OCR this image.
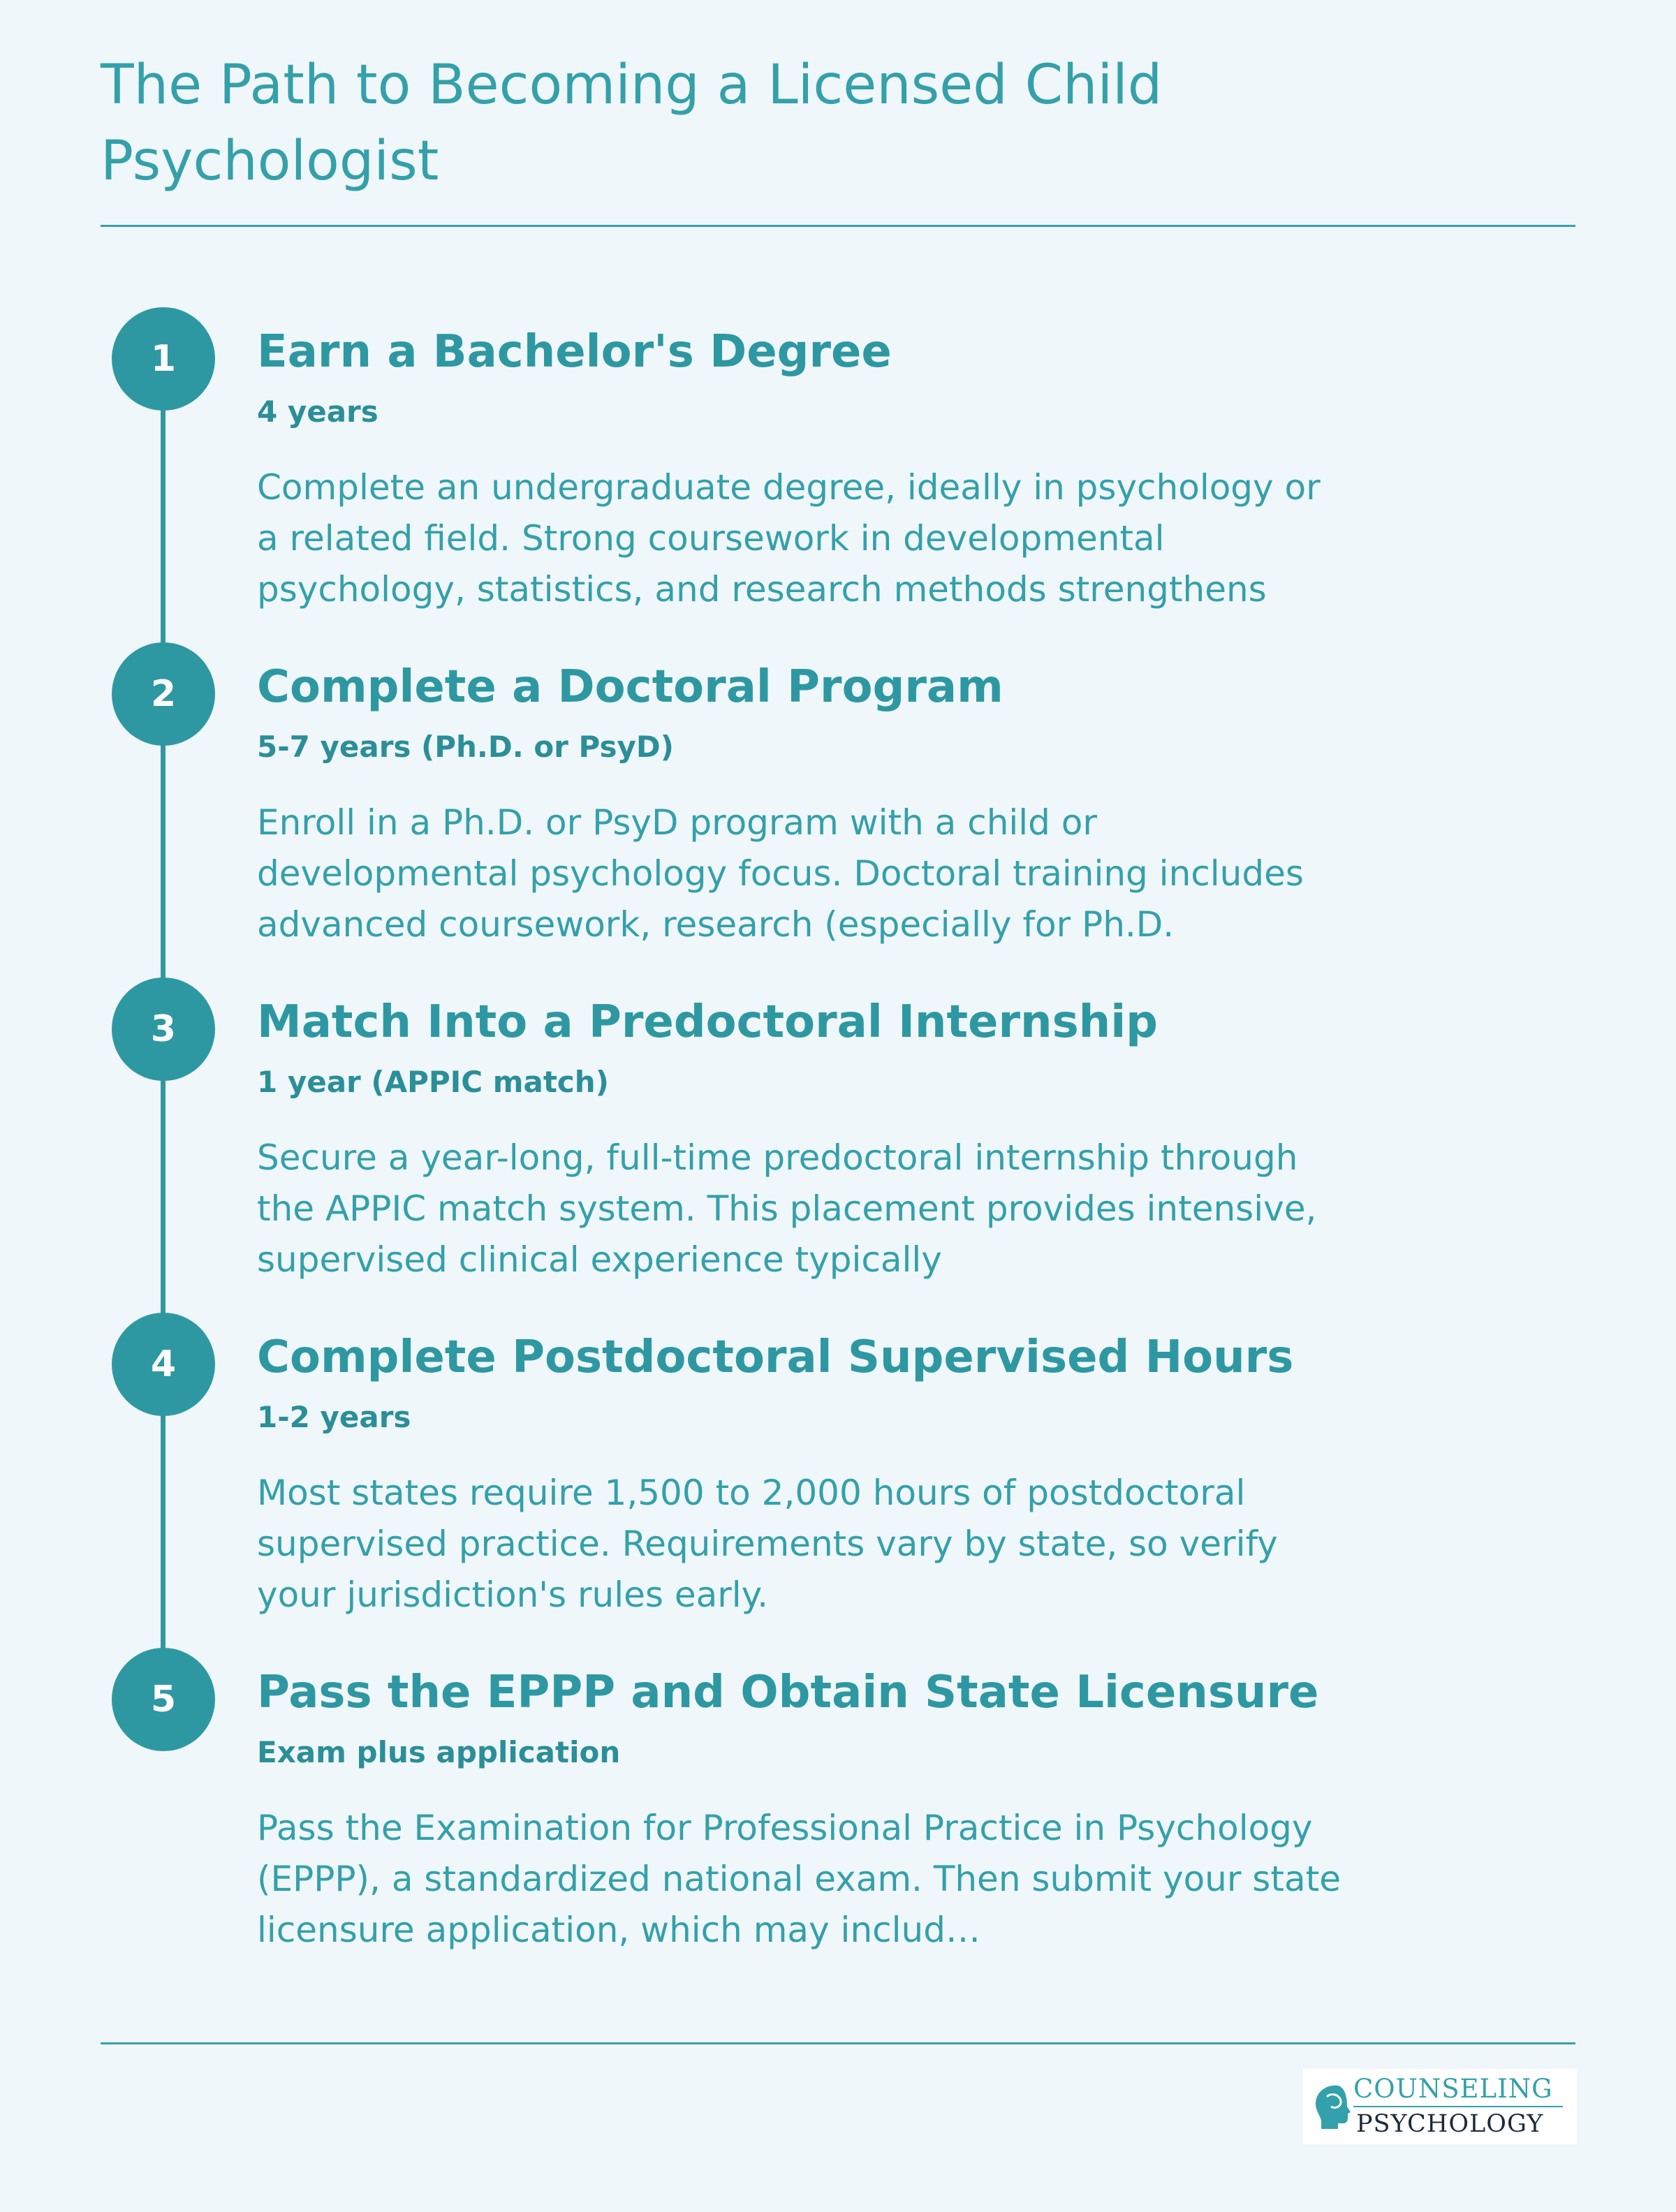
The Path to Becoming a Licensed Child Psychologist
1	Earn a Bachelor's Degree
4 years

Complete an undergraduate degree, ideally in psychology or a related field. Strong coursework in developmental psychology, statistics, and research methods strengthens

2	Complete a Doctoral Program
5-7 years (Ph.D. or PsyD)

Enroll in a Ph.D. or PsyD program with a child or developmental psychology focus. Doctoral training includes advanced coursework, research (especially for Ph.D.

3	Match Into a Predoctoral Internship
1 year (APPIC match)

Secure a year-long, full-time predoctoral internship through the APPIC match system. This placement provides intensive, supervised clinical experience typically

4	Complete Postdoctoral Supervised Hours
1-2 years

Most states require 1,500 to 2,000 hours of postdoctoral supervised practice. Requirements vary by state, so verify your jurisdiction's rules early.

5	Pass the EPPP and Obtain State Licensure
Exam plus application

Pass the Examination for Professional Practice in Psychology (EPPP), a standardized national exam. Then submit your state licensure application, which may includ…

COUNSELING
PSYCHOLOGY
